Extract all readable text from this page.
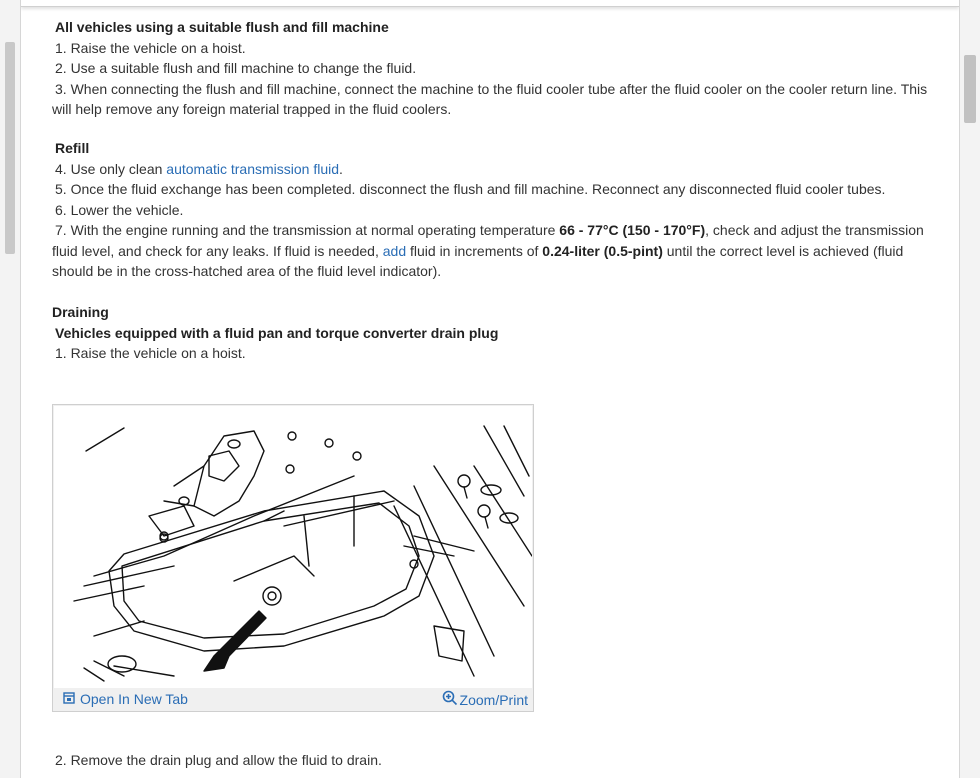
All vehicles using a suitable flush and fill machine

1. Raise the vehicle on a hoist.

2. Use a suitable flush and fill machine to change the fluid.

3. When connecting the flush and fill machine, connect the machine to the fluid cooler tube after the fluid cooler on the cooler return line. This will help remove any foreign material trapped in the fluid coolers.

Refill

4. Use only clean automatic transmission fluid.

5. Once the fluid exchange has been completed. disconnect the flush and fill machine. Reconnect any disconnected fluid cooler tubes.

6. Lower the vehicle.

7. With the engine running and the transmission at normal operating temperature 66 - 77°C (150 - 170°F), check and adjust the transmission fluid level, and check for any leaks. If fluid is needed, add fluid in increments of 0.24-liter (0.5-pint) until the correct level is achieved (fluid should be in the cross-hatched area of the fluid level indicator).

Draining
Vehicles equipped with a fluid pan and torque converter drain plug

1. Raise the vehicle on a hoist.

Open In New Tab	Zoom/Print

2. Remove the drain plug and allow the fluid to drain.
